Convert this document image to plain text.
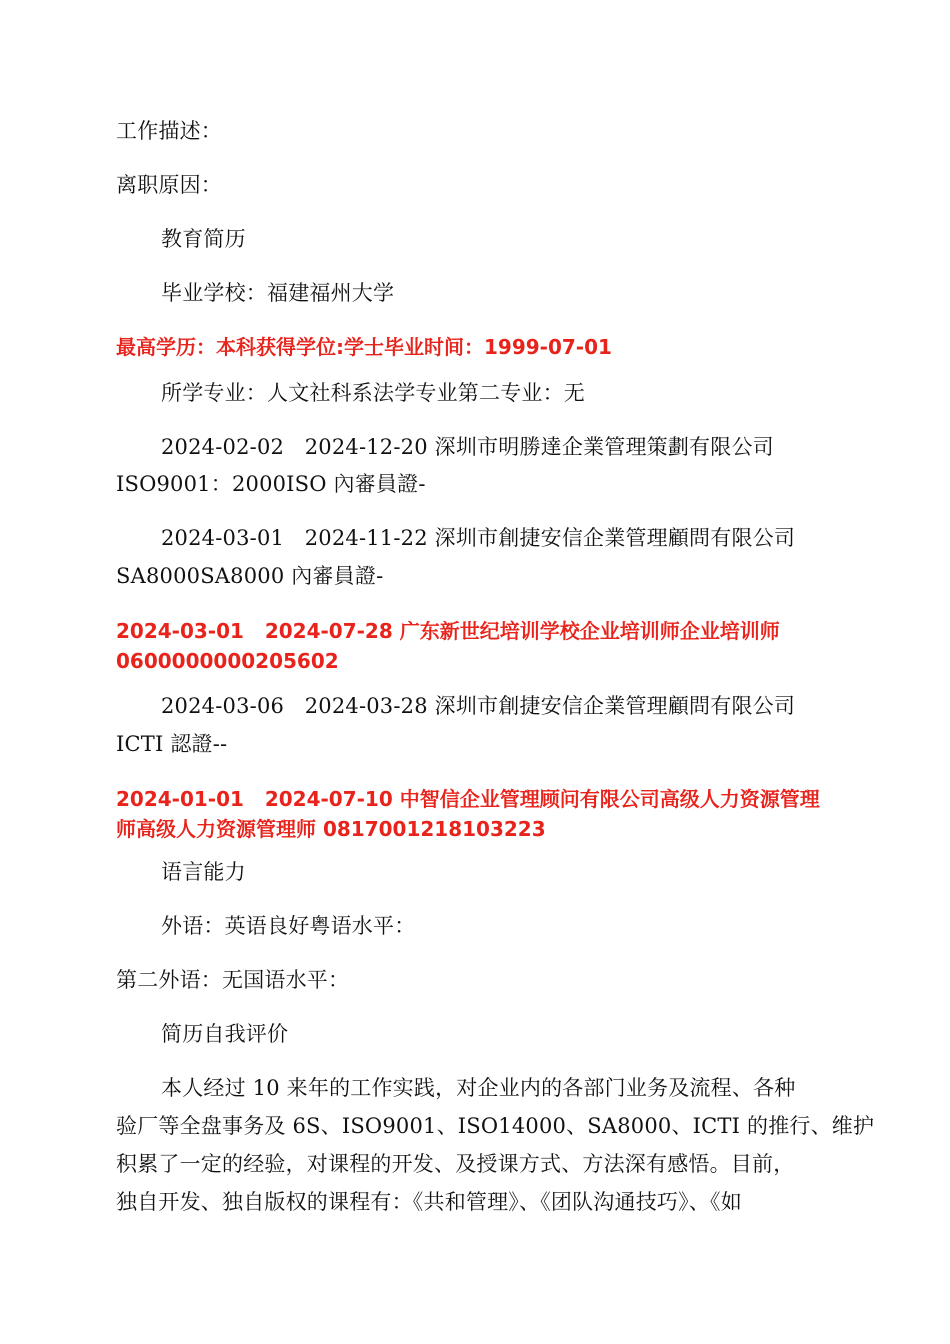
工作描述：
离职原因：
教育简历
毕业学校：福建福州大学
最高学历：本科获得学位:学士毕业时间：1999-07-01
所学专业：人文社科系法学专业第二专业：无
2024-02-02   2024-12-20 深圳市明勝達企業管理策劃有限公司
ISO9001：2000ISO 內審員證-
2024-03-01   2024-11-22 深圳市創捷安信企業管理顧問有限公司
SA8000SA8000 內審員證-
2024-03-01   2024-07-28 广东新世纪培训学校企业培训师企业培训师
0600000000205602
2024-03-06   2024-03-28 深圳市創捷安信企業管理顧問有限公司
ICTI 認證--
2024-01-01   2024-07-10 中智信企业管理顾问有限公司高级人力资源管理
师高级人力资源管理师 0817001218103223
语言能力
外语：英语良好粤语水平：
第二外语：无国语水平：
简历自我评价
本人经过 10 来年的工作实践，对企业内的各部门业务及流程、各种
验厂等全盘事务及 6S、ISO9001、ISO14000、SA8000、ICTI 的推行、维护
积累了一定的经验，对课程的开发、及授课方式、方法深有感悟。目前，
独自开发、独自版权的课程有：《共和管理》、《团队沟通技巧》、《如
